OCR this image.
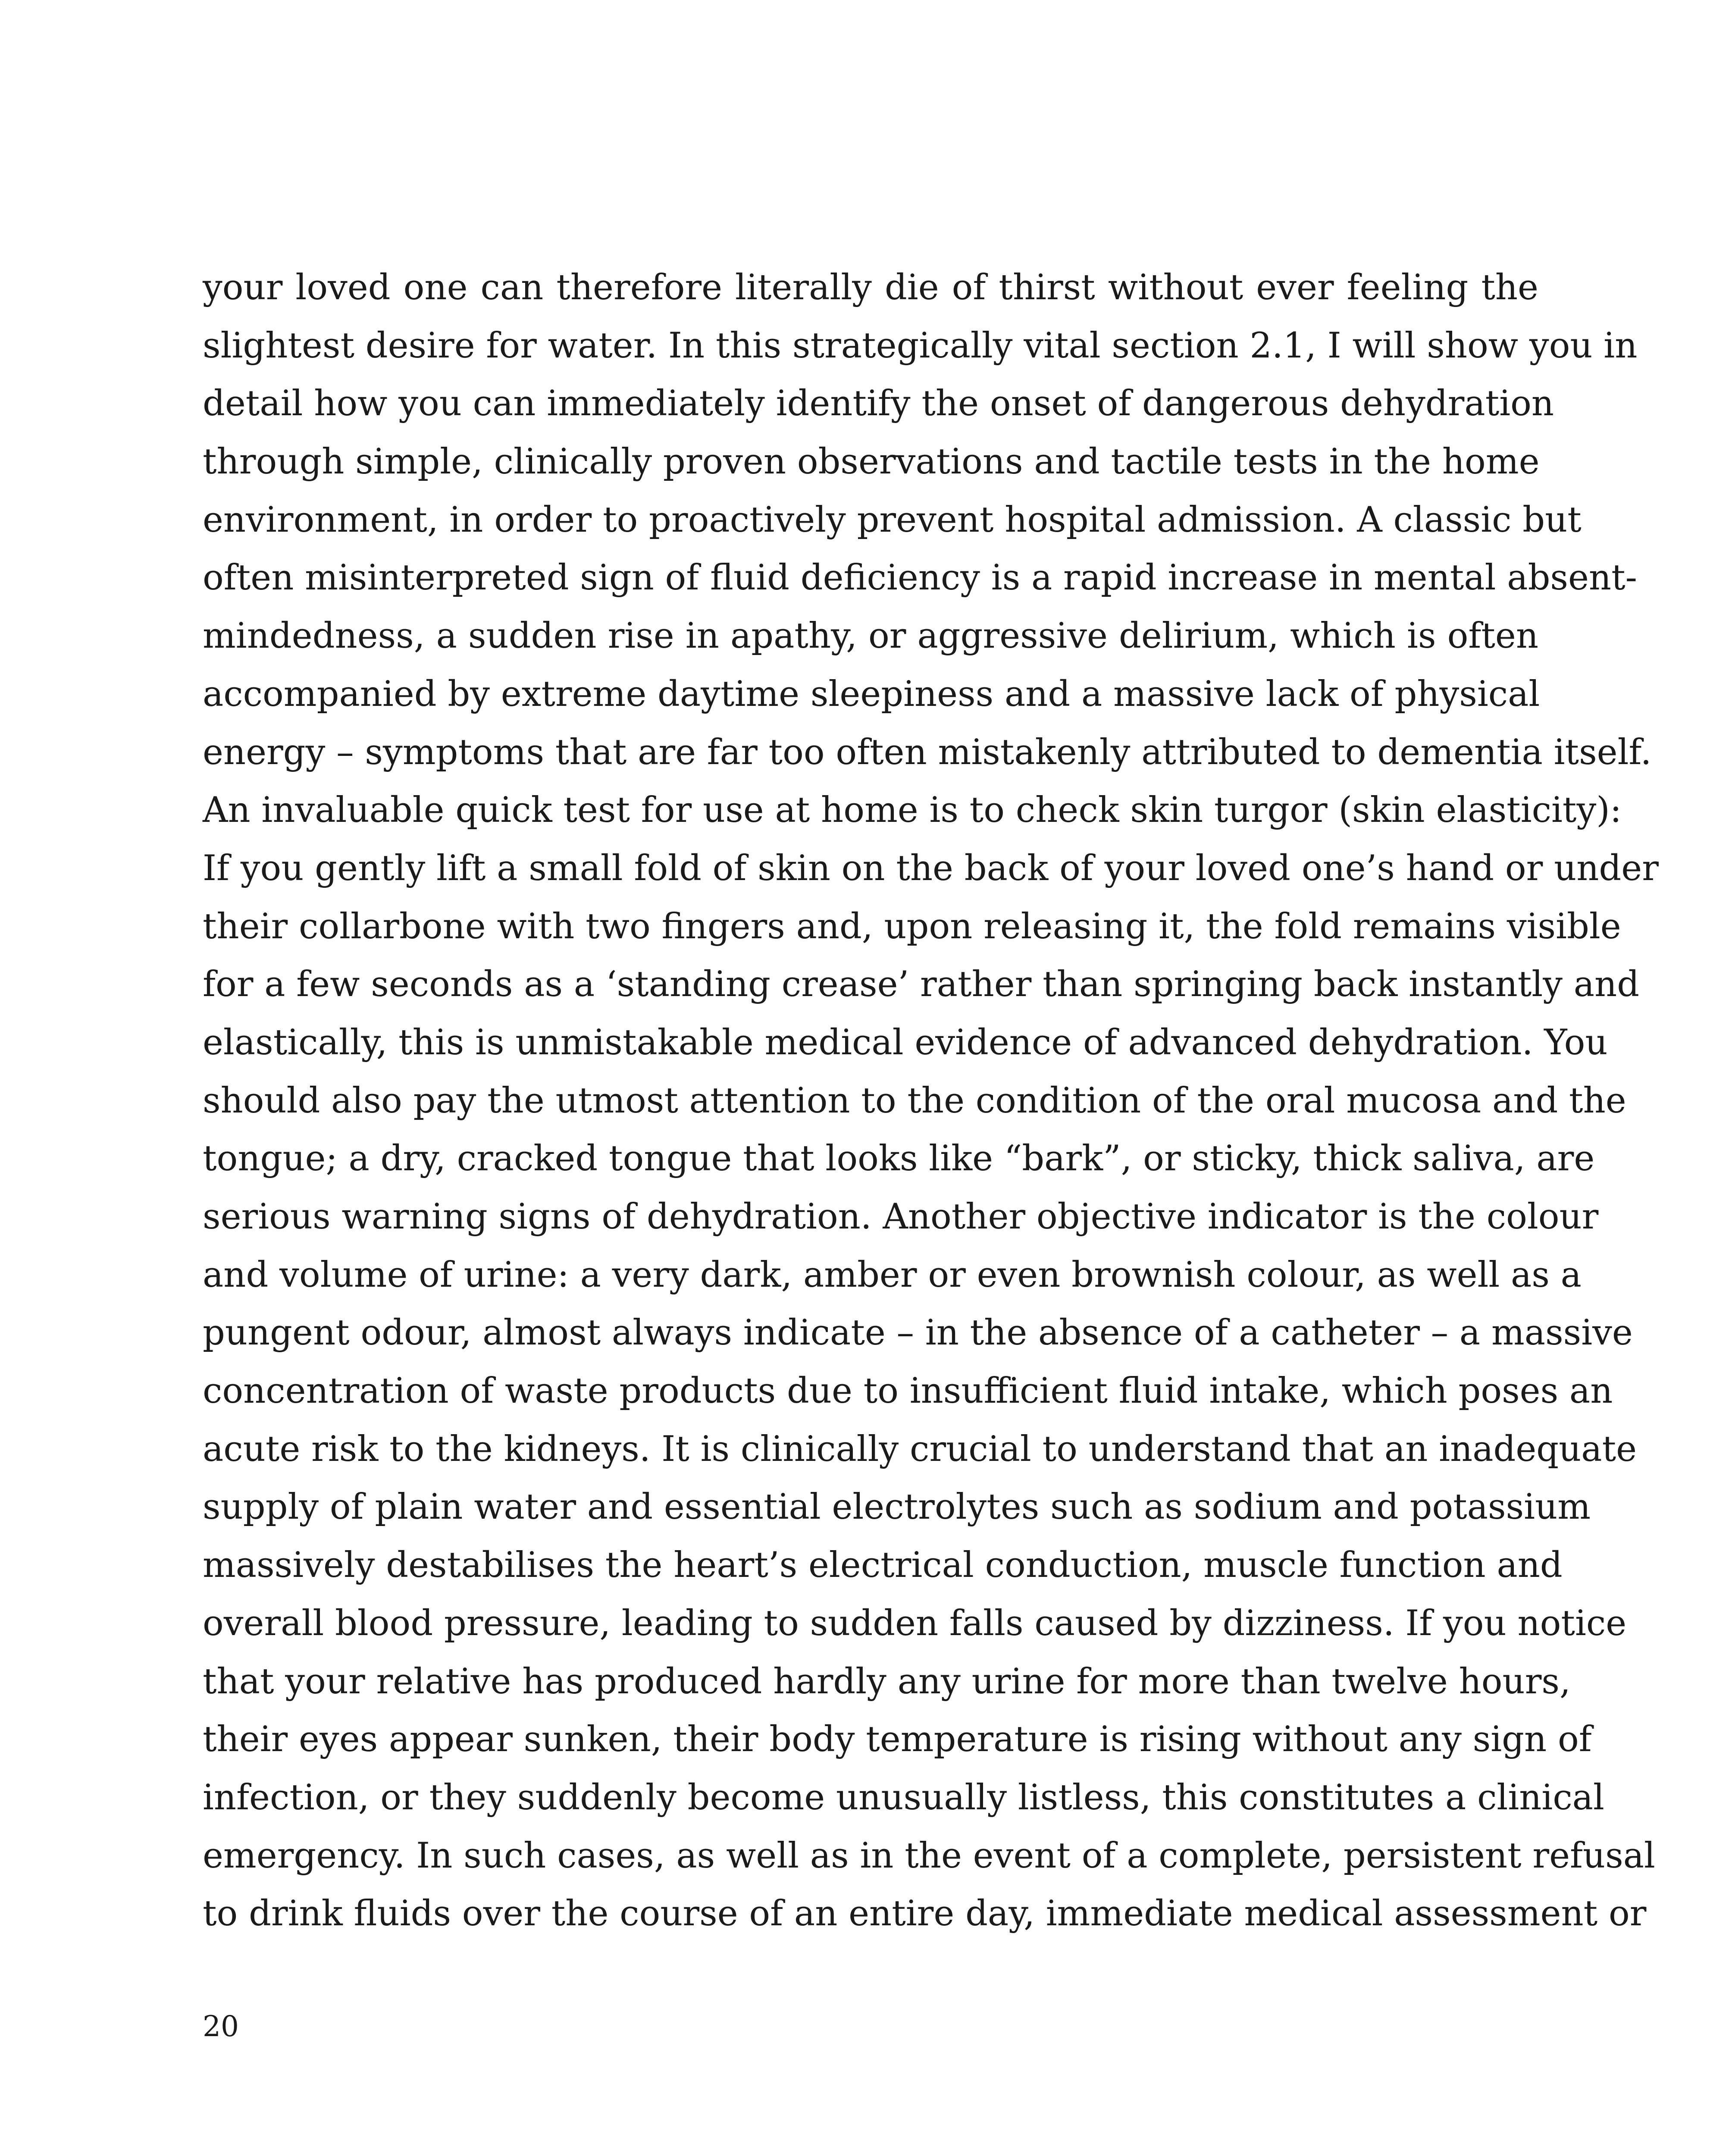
your loved one can therefore literally die of thirst without ever feeling the
slightest desire for water. In this strategically vital section 2.1, I will show you in
detail how you can immediately identify the onset of dangerous dehydration
through simple, clinically proven observations and tactile tests in the home
environment, in order to proactively prevent hospital admission. A classic but
often misinterpreted sign of fluid deficiency is a rapid increase in mental absent-
mindedness, a sudden rise in apathy, or aggressive delirium, which is often
accompanied by extreme daytime sleepiness and a massive lack of physical
energy – symptoms that are far too often mistakenly attributed to dementia itself.
An invaluable quick test for use at home is to check skin turgor (skin elasticity):
If you gently lift a small fold of skin on the back of your loved one’s hand or under
their collarbone with two fingers and, upon releasing it, the fold remains visible
for a few seconds as a ‘standing crease’ rather than springing back instantly and
elastically, this is unmistakable medical evidence of advanced dehydration. You
should also pay the utmost attention to the condition of the oral mucosa and the
tongue; a dry, cracked tongue that looks like “bark”, or sticky, thick saliva, are
serious warning signs of dehydration. Another objective indicator is the colour
and volume of urine: a very dark, amber or even brownish colour, as well as a
pungent odour, almost always indicate – in the absence of a catheter – a massive
concentration of waste products due to insufficient fluid intake, which poses an
acute risk to the kidneys. It is clinically crucial to understand that an inadequate
supply of plain water and essential electrolytes such as sodium and potassium
massively destabilises the heart’s electrical conduction, muscle function and
overall blood pressure, leading to sudden falls caused by dizziness. If you notice
that your relative has produced hardly any urine for more than twelve hours,
their eyes appear sunken, their body temperature is rising without any sign of
infection, or they suddenly become unusually listless, this constitutes a clinical
emergency. In such cases, as well as in the event of a complete, persistent refusal
to drink fluids over the course of an entire day, immediate medical assessment or
20
